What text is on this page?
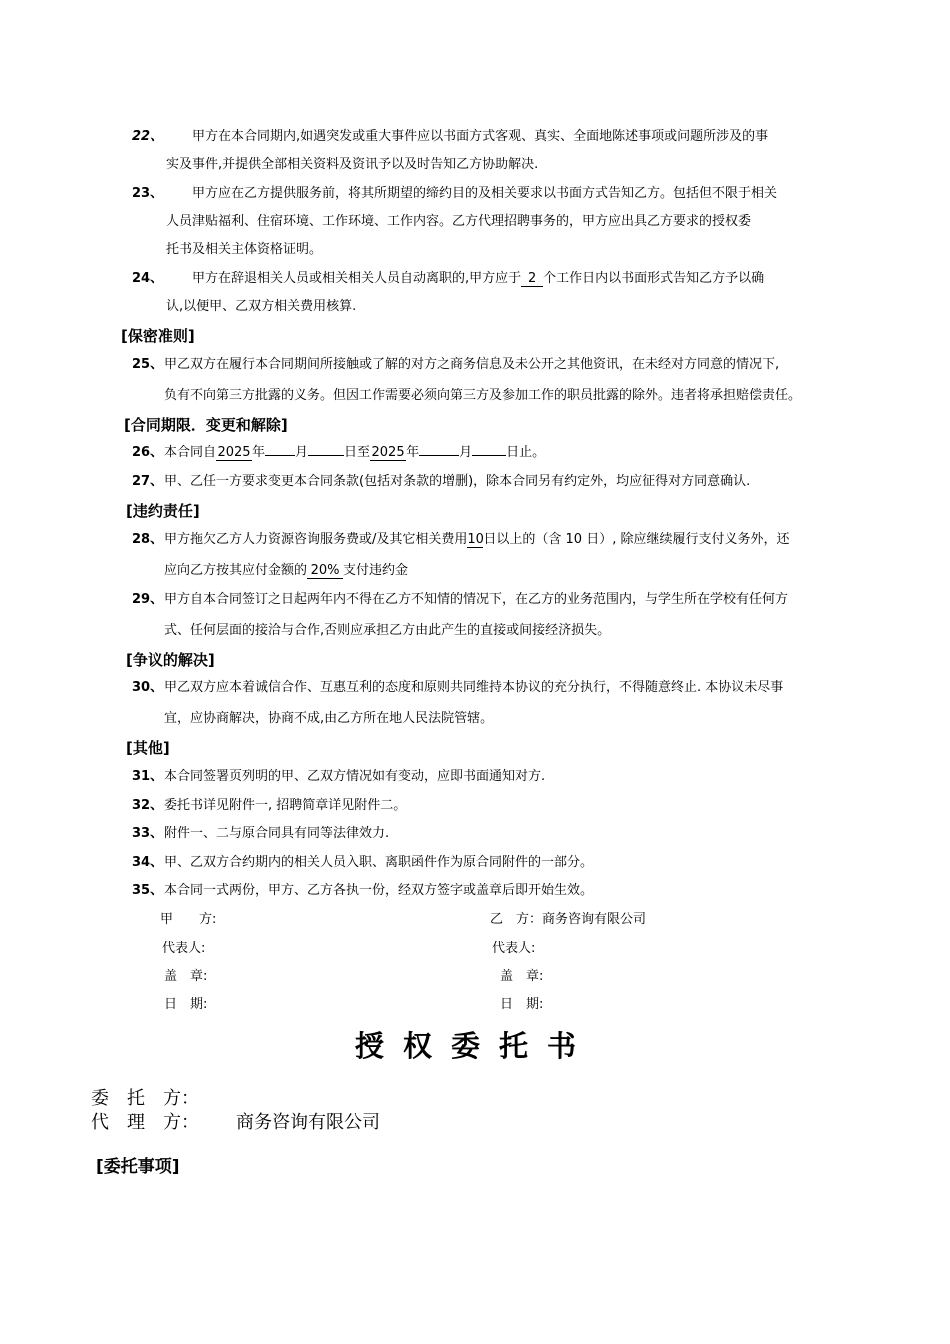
22、 甲方在本合同期内,如遇突发或重大事件应以书面方式客观、真实、全面地陈述事项或问题所涉及的事
实及事件,并提供全部相关资料及资讯予以及时告知乙方协助解决.
23、 甲方应在乙方提供服务前，将其所期望的缔约目的及相关要求以书面方式告知乙方。包括但不限于相关
人员津贴福利、住宿环境、工作环境、工作内容。乙方代理招聘事务的，甲方应出具乙方要求的授权委
托书及相关主体资格证明。
24、 甲方在辞退相关人员或相关相关人员自动离职的,甲方应于 2 个工作日内以书面形式告知乙方予以确
认,以便甲、乙双方相关费用核算.
[保密准则]
25、 甲乙双方在履行本合同期间所接触或了解的对方之商务信息及未公开之其他资讯，在未经对方同意的情况下,
负有不向第三方批露的义务。但因工作需要必须向第三方及参加工作的职员批露的除外。违者将承担赔偿责任。
[合同期限．变更和解除]
26、 本合同自2025年 月	日至2025年	月	日止。
27、 甲、乙任一方要求变更本合同条款(包括对条款的增删)，除本合同另有约定外，均应征得对方同意确认.
[违约责任]
28、 甲方拖欠乙方人力资源咨询服务费或/及其它相关费用10日以上的（含 10 日）, 除应继续履行支付义务外，还
应向乙方按其应付金额的 20% 支付违约金
29、 甲方自本合同签订之日起两年内不得在乙方不知情的情况下，在乙方的业务范围内，与学生所在学校有任何方
式、任何层面的接洽与合作,否则应承担乙方由此产生的直接或间接经济损失。
[争议的解决]
30、 甲乙双方应本着诚信合作、互惠互利的态度和原则共同维持本协议的充分执行，不得随意终止. 本协议未尽事
宜，应协商解决，协商不成,由乙方所在地人民法院管辖。
[其他]
31、 本合同签署页列明的甲、乙双方情况如有变动，应即书面通知对方.
32、 委托书详见附件一, 招聘简章详见附件二。
33、 附件一、二与原合同具有同等法律效力.
34、 甲、乙双方合约期内的相关人员入职、离职函件作为原合同附件的一部分。
35、 本合同一式两份，甲方、乙方各执一份，经双方签字或盖章后即开始生效。
甲　　方:	乙　方：商务咨询有限公司
代表人:	代表人:
盖　章:	盖　章:
日　期:	日　期:
授权委托书
委　托　方：
代　理　方： 商务咨询有限公司
[委托事项]
